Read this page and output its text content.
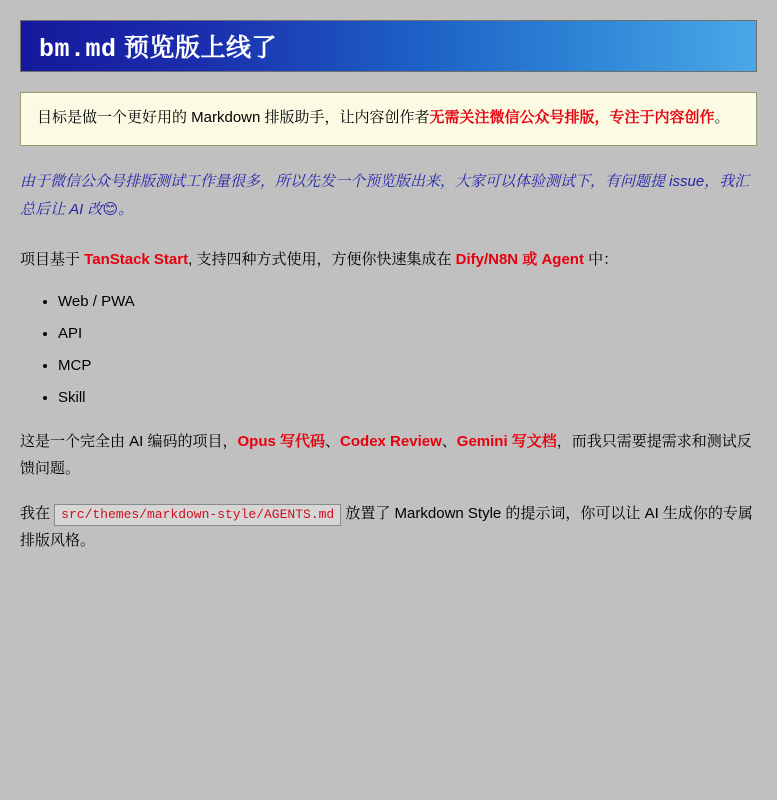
bm.md 预览版上线了
目标是做一个更好用的 Markdown 排版助手，让内容创作者无需关注微信公众号排版，专注于内容创作。
由于微信公众号排版测试工作量很多，所以先发一个预览版出来，大家可以体验测试下，有问题提 issue，我汇总后让 AI 改😊。

项目基于 TanStack Start, 支持四种方式使用，方便你快速集成在 Dify/N8N 或 Agent 中：

• Web / PWA
• API
• MCP
• Skill

这是一个完全由 AI 编码的项目，Opus 写代码、Codex Review、Gemini 写文档，而我只需要提需求和测试反馈问题。

我在 src/themes/markdown-style/AGENTS.md 放置了 Markdown Style 的提示词，你可以让 AI 生成你的专属排版风格。
